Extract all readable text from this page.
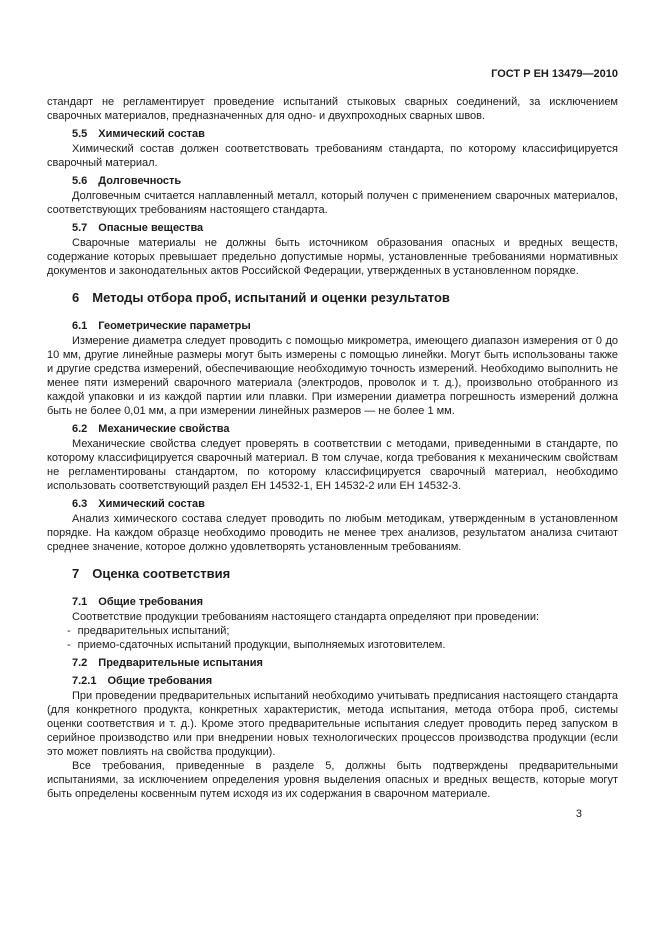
ГОСТ Р ЕН 13479—2010

стандарт не регламентирует проведение испытаний стыковых сварных соединений, за исключением сварочных материалов, предназначенных для одно- и двухпроходных сварных швов.

5.5 Химический состав

Химический состав должен соответствовать требованиям стандарта, по которому классифицируется сварочный материал.

5.6 Долговечность

Долговечным считается наплавленный металл, который получен с применением сварочных материалов, соответствующих требованиям настоящего стандарта.

5.7 Опасные вещества

Сварочные материалы не должны быть источником образования опасных и вредных веществ, содержание которых превышает предельно допустимые нормы, установленные требованиями нормативных документов и законодательных актов Российской Федерации, утвержденных в установленном порядке.

6 Методы отбора проб, испытаний и оценки результатов
6.1 Геометрические параметры

Измерение диаметра следует проводить с помощью микрометра, имеющего диапазон измерения от 0 до 10 мм, другие линейные размеры могут быть измерены с помощью линейки. Могут быть использованы также и другие средства измерений, обеспечивающие необходимую точность измерений. Необходимо выполнить не менее пяти измерений сварочного материала (электродов, проволок и т. д.), произвольно отобранного из каждой упаковки и из каждой партии или плавки. При измерении диаметра погрешность измерений должна быть не более 0,01 мм, а при измерении линейных размеров — не более 1 мм.

6.2 Механические свойства

Механические свойства следует проверять в соответствии с методами, приведенными в стандарте, по которому классифицируется сварочный материал. В том случае, когда требования к механическим свойствам не регламентированы стандартом, по которому классифицируется сварочный материал, необходимо использовать соответствующий раздел ЕН 14532-1, ЕН 14532-2 или ЕН 14532-3.

6.3 Химический состав

Анализ химического состава следует проводить по любым методикам, утвержденным в установленном порядке. На каждом образце необходимо проводить не менее трех анализов, результатом анализа считают среднее значение, которое должно удовлетворять установленным требованиям.

7 Оценка соответствия
7.1 Общие требования

Соответствие продукции требованиям настоящего стандарта определяют при проведении:

- предварительных испытаний;
- приемо-сдаточных испытаний продукции, выполняемых изготовителем.
7.2 Предварительные испытания
7.2.1 Общие требования

При проведении предварительных испытаний необходимо учитывать предписания настоящего стандарта (для конкретного продукта, конкретных характеристик, метода испытания, метода отбора проб, системы оценки соответствия и т. д.). Кроме этого предварительные испытания следует проводить перед запуском в серийное производство или при внедрении новых технологических процессов производства продукции (если это может повлиять на свойства продукции).

Все требования, приведенные в разделе 5, должны быть подтверждены предварительными испытаниями, за исключением определения уровня выделения опасных и вредных веществ, которые могут быть определены косвенным путем исходя из их содержания в сварочном материале.

3
